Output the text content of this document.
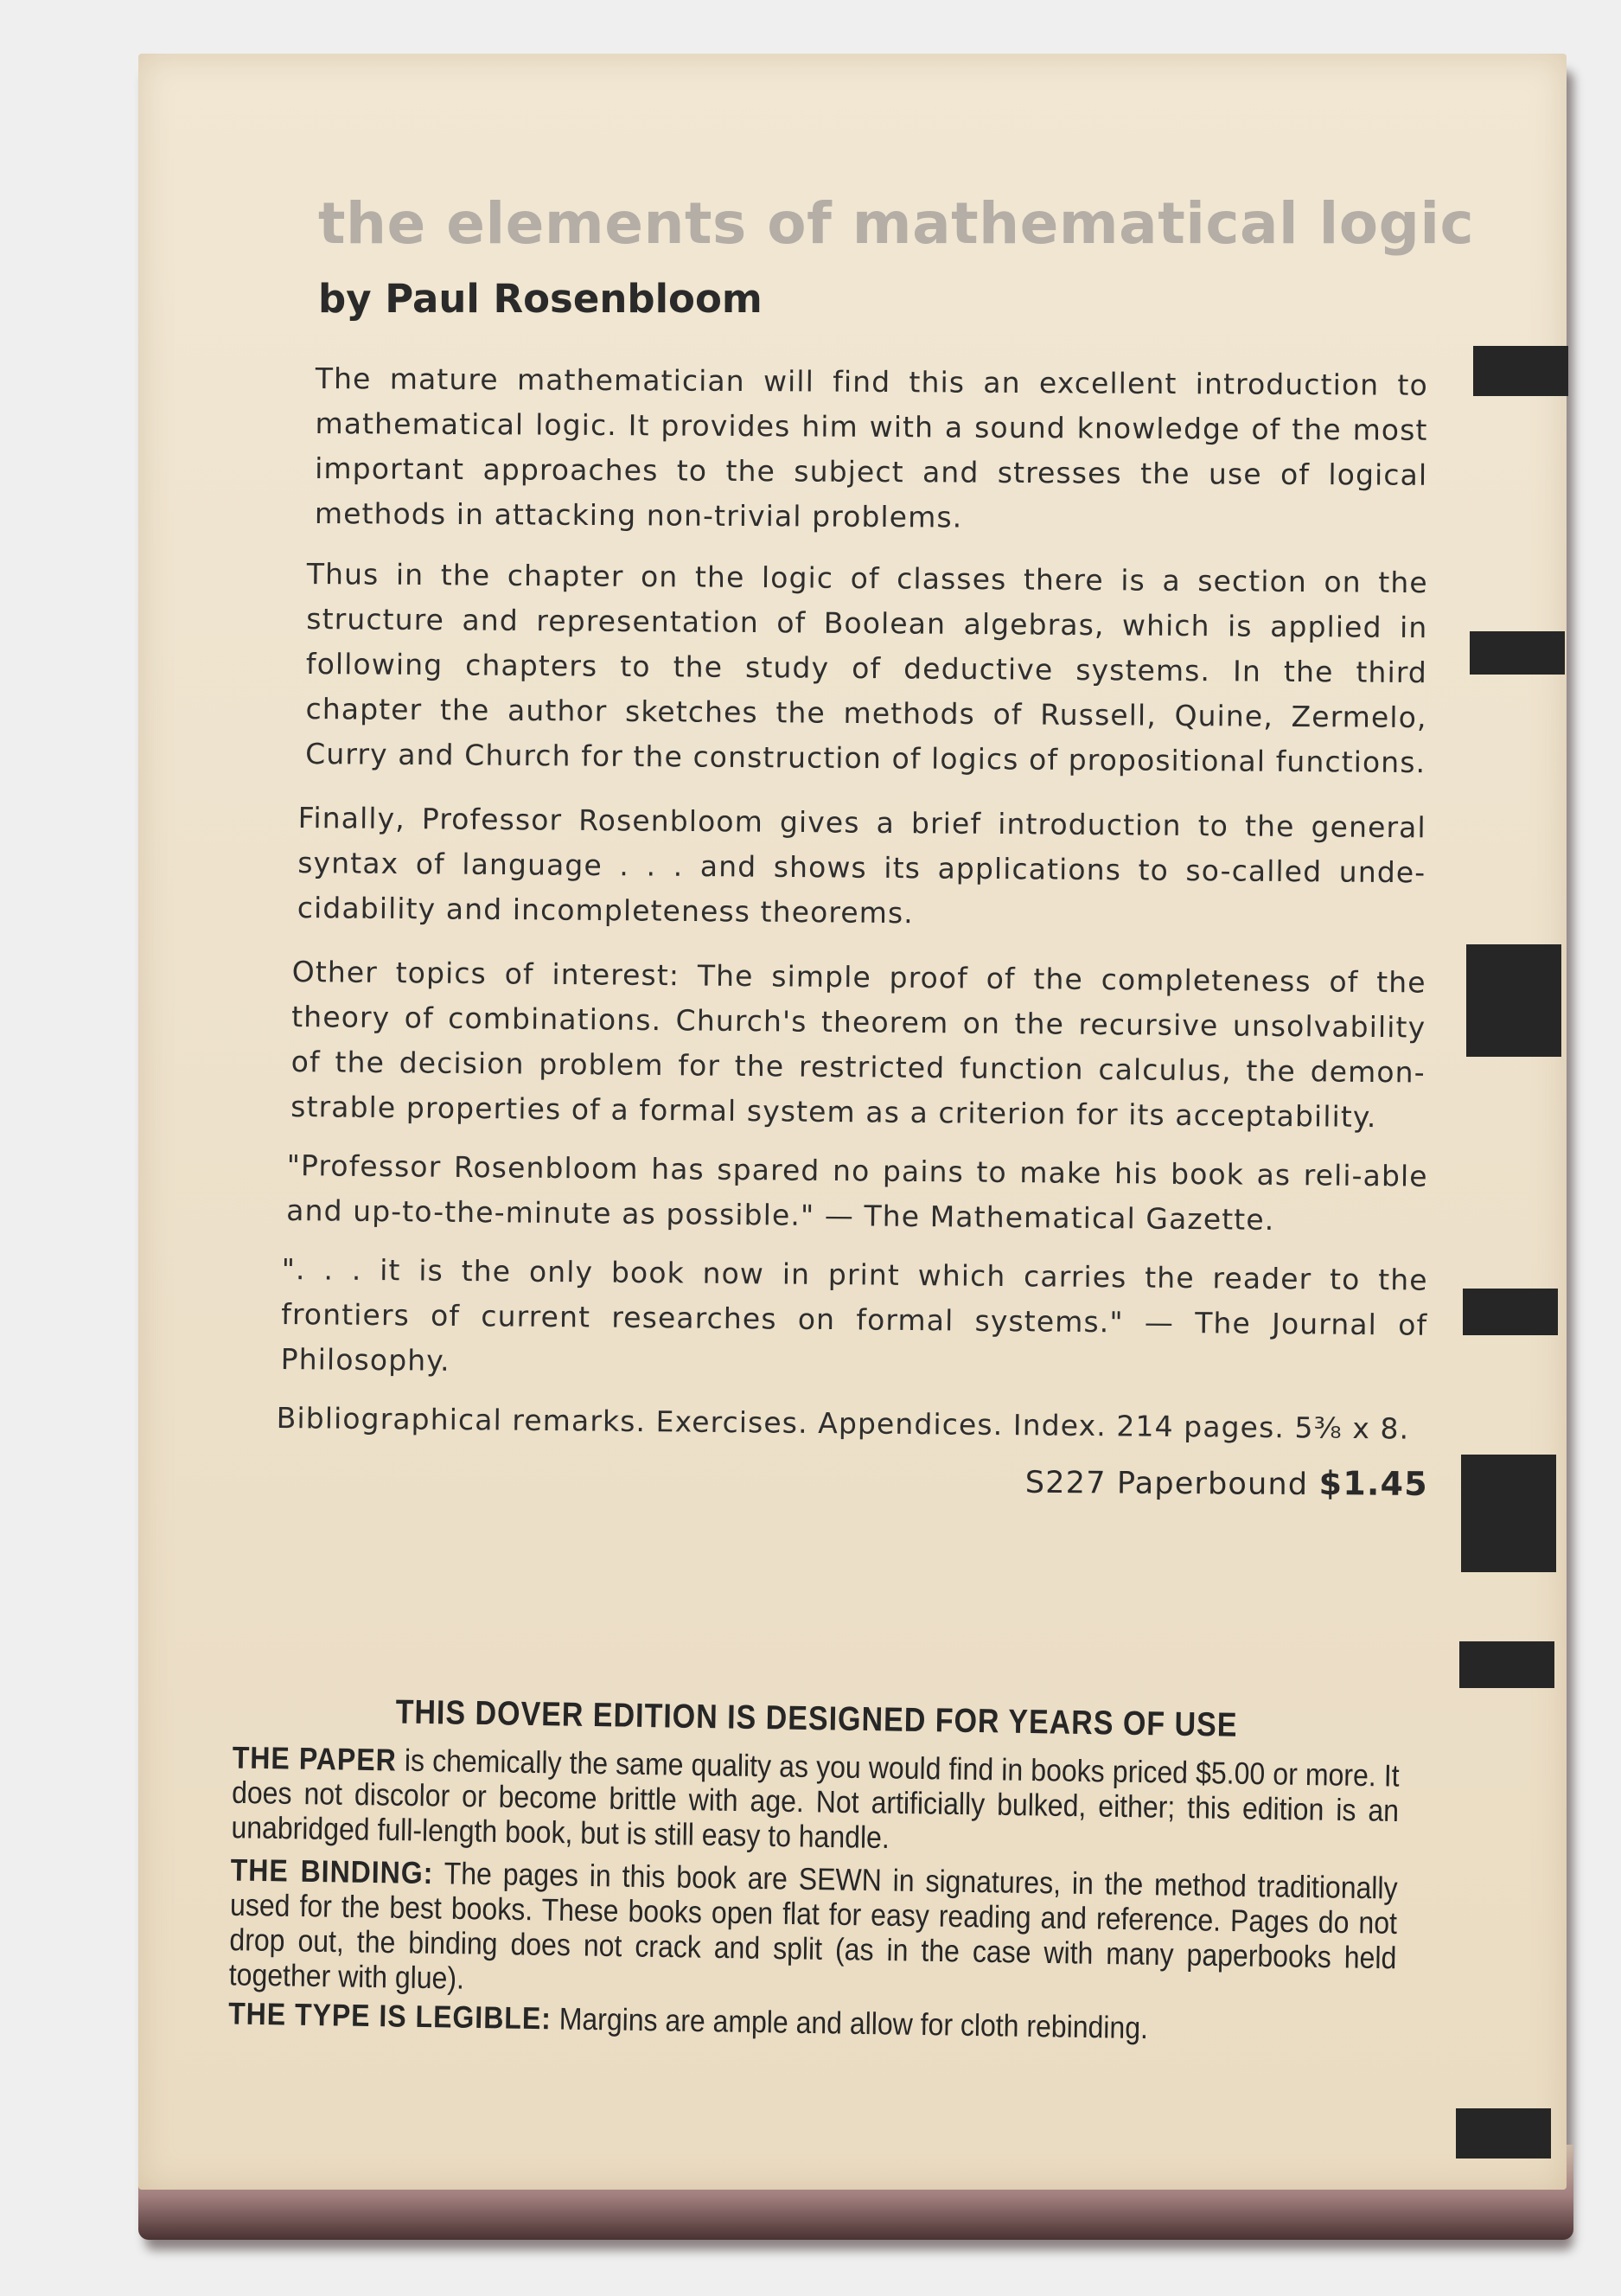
the elements of mathematical logic
by Paul Rosenbloom

The mature mathematician will find this an excellent introduction to mathematical logic. It provides him with a sound knowledge of the most important approaches to the subject and stresses the use of logical methods in attacking non-trivial problems.

Thus in the chapter on the logic of classes there is a section on the structure and representation of Boolean algebras, which is applied in following chapters to the study of deductive systems. In the third chapter the author sketches the methods of Russell, Quine, Zermelo, Curry and Church for the construction of logics of propositional functions.

Finally, Professor Rosenbloom gives a brief introduction to the general syntax of language . . . and shows its applications to so-called unde-cidability and incompleteness theorems.

Other topics of interest: The simple proof of the completeness of the theory of combinations. Church's theorem on the recursive unsolvability of the decision problem for the restricted function calculus, the demon-strable properties of a formal system as a criterion for its acceptability.

"Professor Rosenbloom has spared no pains to make his book as reli-able and up-to-the-minute as possible." — The Mathematical Gazette.

". . . it is the only book now in print which carries the reader to the frontiers of current researches on formal systems." — The Journal of Philosophy.

Bibliographical remarks. Exercises. Appendices. Index. 214 pages. 5⅜ x 8.

S227 Paperbound $1.45
THIS DOVER EDITION IS DESIGNED FOR YEARS OF USE

THE PAPER is chemically the same quality as you would find in books priced $5.00 or more. It does not discolor or become brittle with age. Not artificially bulked, either; this edition is an unabridged full-length book, but is still easy to handle.

THE BINDING: The pages in this book are SEWN in signatures, in the method traditionally used for the best books. These books open flat for easy reading and reference. Pages do not drop out, the binding does not crack and split (as in the case with many paperbooks held together with glue).

THE TYPE IS LEGIBLE: Margins are ample and allow for cloth rebinding.
